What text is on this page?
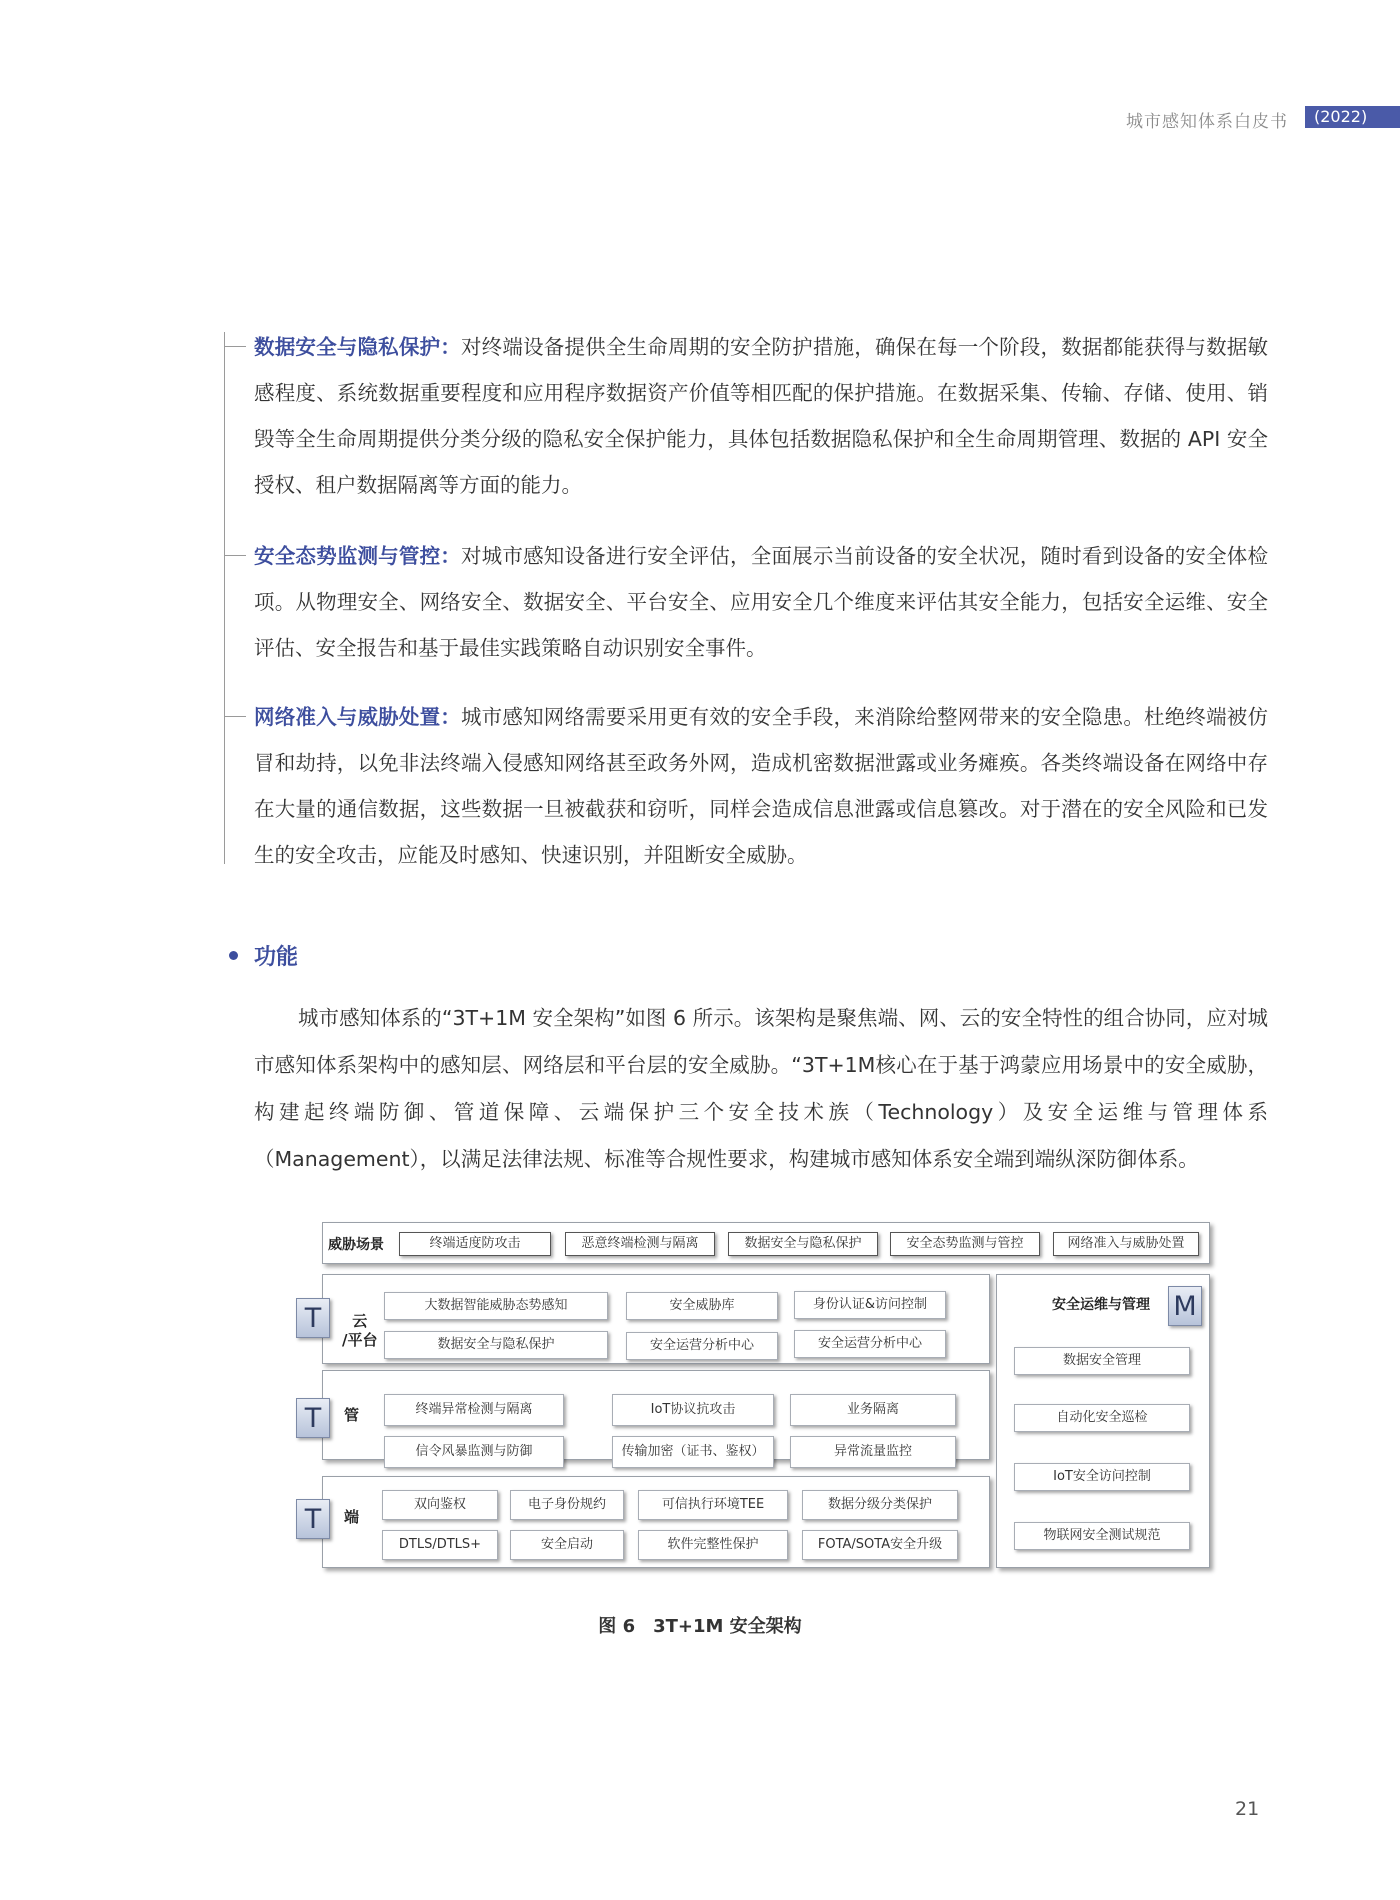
城市感知体系白皮书	(2022)
数据安全与隐私保护：对终端设备提供全生命周期的安全防护措施，确保在每一个阶段，数据都能获得与数据敏感程度、系统数据重要程度和应用程序数据资产价值等相匹配的保护措施。在数据采集、传输、存储、使用、销毁等全生命周期提供分类分级的隐私安全保护能力，具体包括数据隐私保护和全生命周期管理、数据的 API 安全授权、租户数据隔离等方面的能力。
安全态势监测与管控：对城市感知设备进行安全评估，全面展示当前设备的安全状况，随时看到设备的安全体检项。从物理安全、网络安全、数据安全、平台安全、应用安全几个维度来评估其安全能力，包括安全运维、安全评估、安全报告和基于最佳实践策略自动识别安全事件。
网络准入与威胁处置：城市感知网络需要采用更有效的安全手段，来消除给整网带来的安全隐患。杜绝终端被仿冒和劫持，以免非法终端入侵感知网络甚至政务外网，造成机密数据泄露或业务瘫痪。各类终端设备在网络中存在大量的通信数据，这些数据一旦被截获和窃听，同样会造成信息泄露或信息篡改。对于潜在的安全风险和已发生的安全攻击，应能及时感知、快速识别，并阻断安全威胁。
功能
城市感知体系的“3T+1M 安全架构”如图 6 所示。该架构是聚焦端、网、云的安全特性的组合协同，应对城市感知体系架构中的感知层、网络层和平台层的安全威胁。“3T+1M核心在于基于鸿蒙应用场景中的安全威胁，构建起终端防御、管道保障、云端保护三个安全技术族（Technology）及安全运维与管理体系（Management），以满足法律法规、标准等合规性要求，构建城市感知体系安全端到端纵深防御体系。
威胁场景	终端适度防攻击	恶意终端检测与隔离	数据安全与隐私保护	安全态势监测与管控	网络准入与威胁处置
T	云
/平台
大数据智能威胁态势感知	安全威胁库	身份认证&访问控制
数据安全与隐私保护	安全运营分析中心	安全运营分析中心
T	管	终端异常检测与隔离	IoT协议抗攻击	业务隔离
信令风暴监测与防御	传输加密（证书、鉴权）	异常流量监控
T	端
双向鉴权	电子身份规约	可信执行环境TEE	数据分级分类保护
DTLS/DTLS+	安全启动	软件完整性保护	FOTA/SOTA安全升级
安全运维与管理 M
数据安全管理
自动化安全巡检
IoT安全访问控制
物联网安全测试规范
图 6　3T+1M 安全架构
21
